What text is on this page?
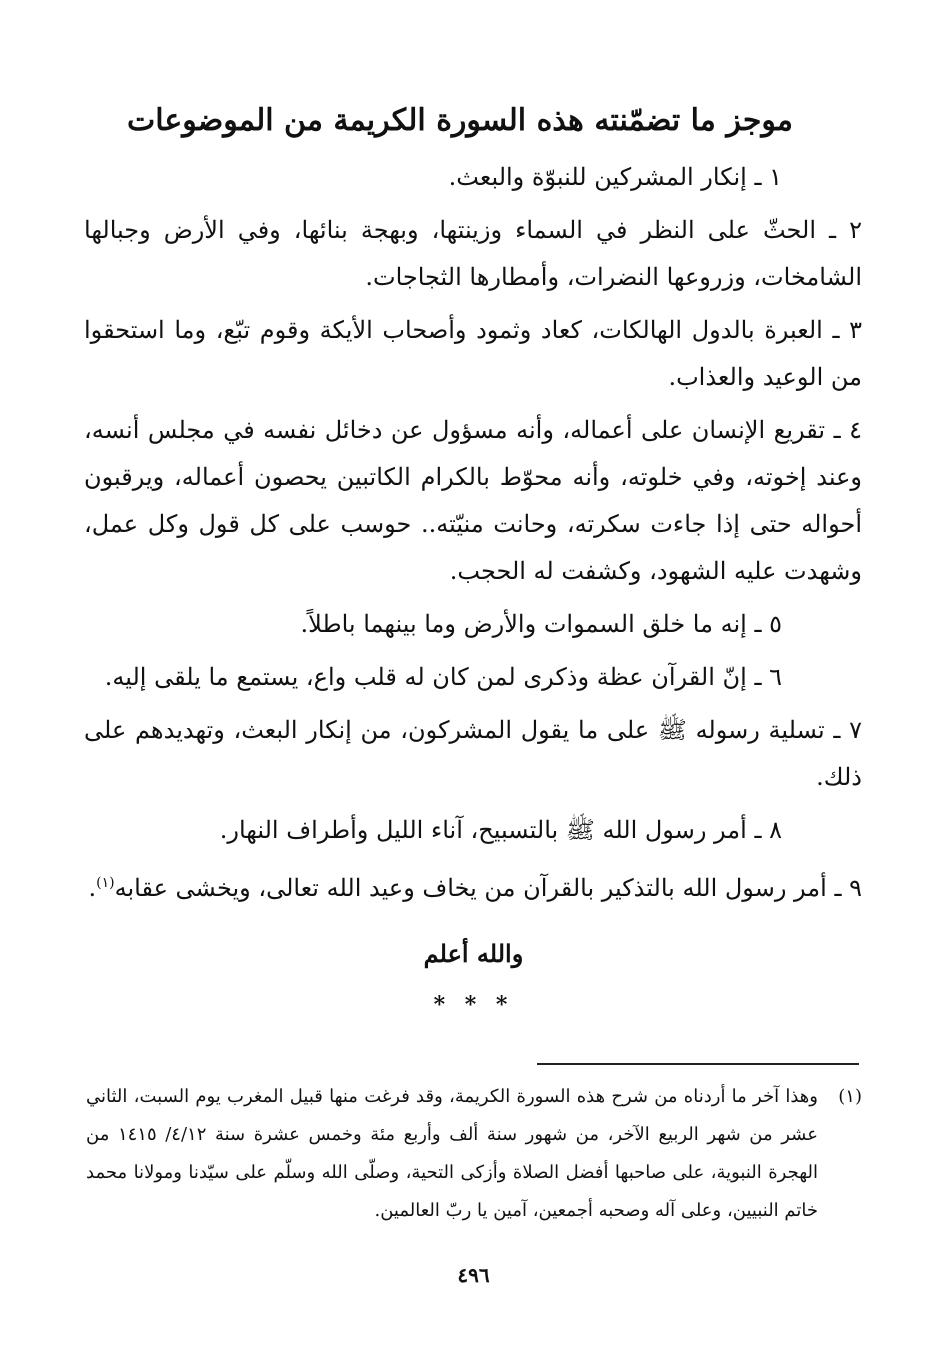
موجز ما تضمّنته هذه السورة الكريمة من الموضوعات

١ ـ إنكار المشركين للنبوّة والبعث.

٢ ـ الحثّ على النظر في السماء وزينتها، وبهجة بنائها، وفي الأرض وجبالها الشامخات، وزروعها النضرات، وأمطارها الثجاجات.

٣ ـ العبرة بالدول الهالكات، كعاد وثمود وأصحاب الأيكة وقوم تبّع، وما استحقوا من الوعيد والعذاب.

٤ ـ تقريع الإنسان على أعماله، وأنه مسؤول عن دخائل نفسه في مجلس أنسه، وعند إخوته، وفي خلوته، وأنه محوّط بالكرام الكاتبين يحصون أعماله، ويرقبون أحواله حتى إذا جاءت سكرته، وحانت منيّته.. حوسب على كل قول وكل عمل، وشهدت عليه الشهود، وكشفت له الحجب.

٥ ـ إنه ما خلق السموات والأرض وما بينهما باطلاً.

٦ ـ إنّ القرآن عظة وذكرى لمن كان له قلب واع، يستمع ما يلقى إليه.

٧ ـ تسلية رسوله ﷺ على ما يقول المشركون، من إنكار البعث، وتهديدهم على ذلك.

٨ ـ أمر رسول الله ﷺ بالتسبيح، آناء الليل وأطراف النهار.

٩ ـ أمر رسول الله بالتذكير بالقرآن من يخاف وعيد الله تعالى، ويخشى عقابه$^{(١)}$.

والله أعلم
* * *
(١)
وهذا آخر ما أردناه من شرح هذه السورة الكريمة، وقد فرغت منها قبيل المغرب يوم السبت، الثاني عشر من شهر الربيع الآخر، من شهور سنة ألف وأربع مئة وخمس عشرة سنة ٤/١٢/ ١٤١٥ من الهجرة النبوية، على صاحبها أفضل الصلاة وأزكى التحية، وصلّى الله وسلّم على سيّدنا ومولانا محمد خاتم النبيين، وعلى آله وصحبه أجمعين، آمين يا ربّ العالمين.
٤٩٦
